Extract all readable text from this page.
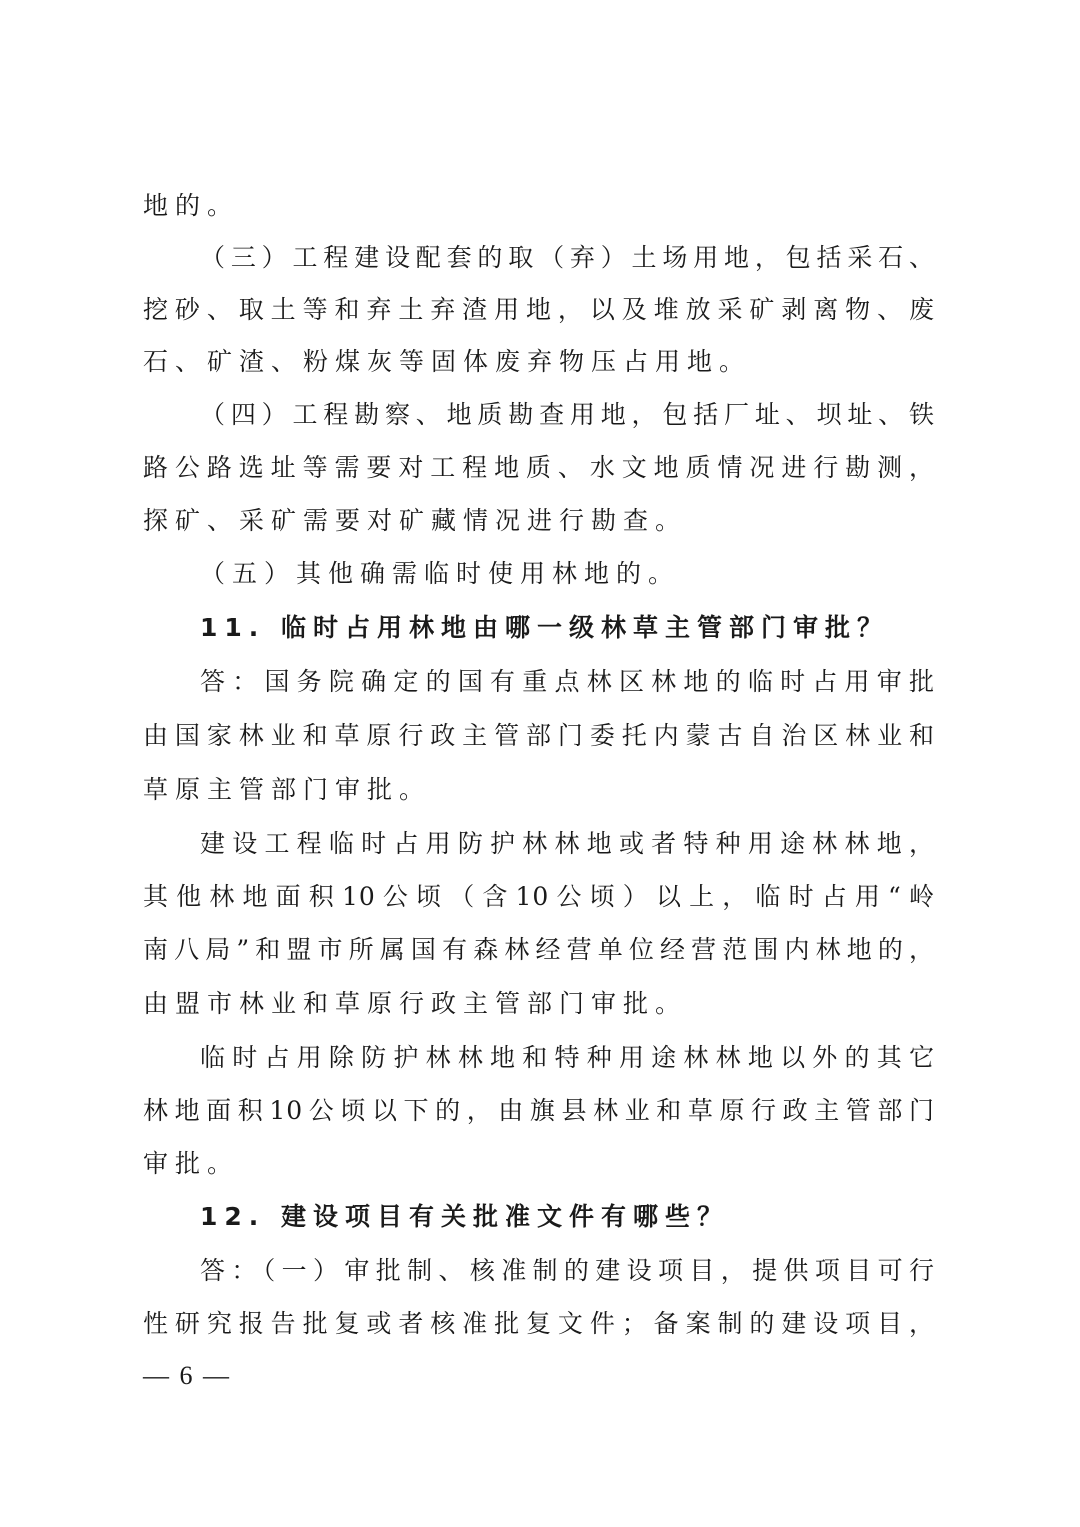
地的。
（三）工程建设配套的取（弃）土场用地，包括采石、
挖砂、取土等和弃土弃渣用地，以及堆放采矿剥离物、废
石、矿渣、粉煤灰等固体废弃物压占用地。
（四）工程勘察、地质勘查用地，包括厂址、坝址、铁
路公路选址等需要对工程地质、水文地质情况进行勘测，
探矿、采矿需要对矿藏情况进行勘查。
（五）其他确需临时使用林地的。
11. 临时占用林地由哪一级林草主管部门审批？
答：国务院确定的国有重点林区林地的临时占用审批
由国家林业和草原行政主管部门委托内蒙古自治区林业和
草原主管部门审批。
建设工程临时占用防护林林地或者特种用途林林地，
其他林地面积10公顷（含10公顷）以上，临时占用“岭
南八局”和盟市所属国有森林经营单位经营范围内林地的，
由盟市林业和草原行政主管部门审批。
临时占用除防护林林地和特种用途林林地以外的其它
林地面积10公顷以下的，由旗县林业和草原行政主管部门
审批。
12. 建设项目有关批准文件有哪些？
答：（一）审批制、核准制的建设项目，提供项目可行
性研究报告批复或者核准批复文件；备案制的建设项目，
— 6 —
